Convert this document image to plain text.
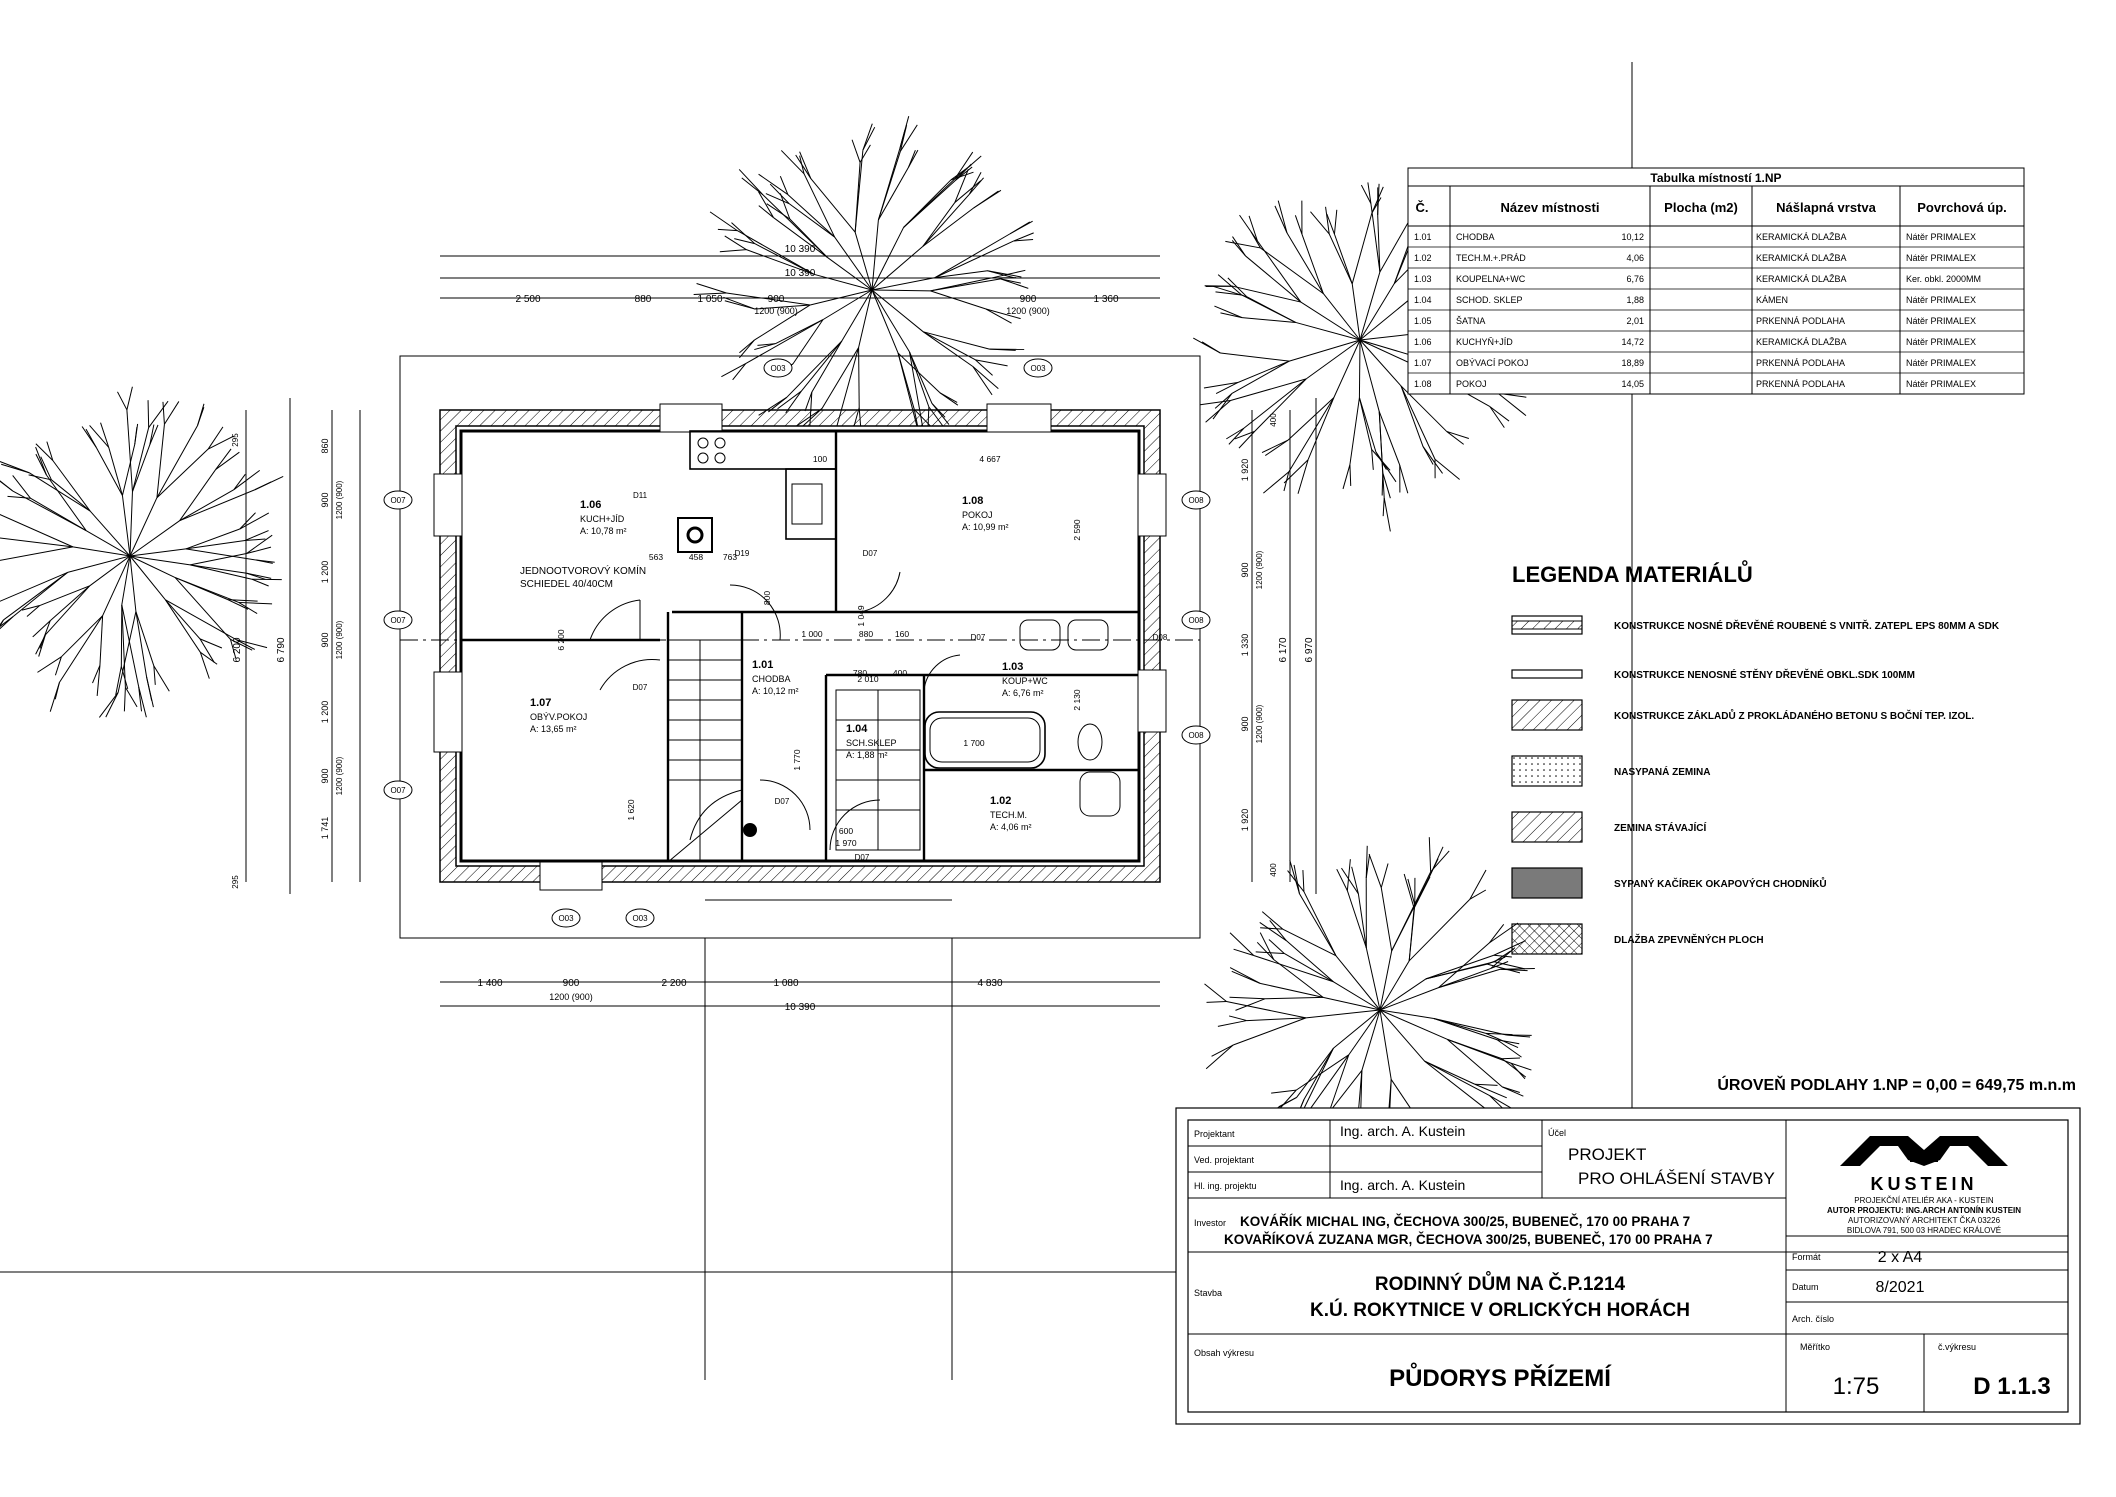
1.06
KUCH+JÍD
A: 10,78 m²
1.08
POKOJ
A: 10,99 m²
1.07
OBÝV.POKOJ
A: 13,65 m²
1.01
CHODBA
A: 10,12 m²
1.03
KOUP+WC
A: 6,76 m²
1.04
SCH.SKLEP
A: 1,88 m²
1.02
TECH.M.
A: 4,06 m²
JEDNOOTVOROVÝ KOMÍN
SCHIEDEL 40/40CM
10 390
10 390
2 500	880	1 050	900	900	1 360
1200 (900)	1200 (900)
1 400	900	2 200	1 080	4 830
1200 (900)
10 390
6 200	6 790
860
900
1 200
900
1 200
900
1 741
1200 (900)
1200 (900)
1200 (900)
295
295
1 920
900
1 330
900
1 920
1200 (900)
1200 (900)
6 170 6 970
400
400
4 667
2 590
2 130
1 700
1 770
1 620
6 200
2 010
1 000	880	160
100
458
563	763
780	400
600
1 970
800
1 049
O03	O03
O03
O07
O07
O07
O08
O08
O08
O03
D11
D19	D07
D07
D07
D07
D07	D08
Tabulka místností 1.NP
Č.	Název místnosti	Plocha (m2)	Nášlapná vrstva	Povrchová úp.
1.01	CHODBA	10,12	KERAMICKÁ DLAŽBA	Nátěr PRIMALEX
1.02	TECH.M.+.PRÁD	4,06	KERAMICKÁ DLAŽBA	Nátěr PRIMALEX
1.03	KOUPELNA+WC	6,76	KERAMICKÁ DLAŽBA	Ker. obkl. 2000MM
1.04	SCHOD. SKLEP	1,88	KÁMEN	Nátěr PRIMALEX
1.05	ŠATNA	2,01	PRKENNÁ PODLAHA	Nátěr PRIMALEX
1.06	KUCHYŇ+JÍD	14,72	KERAMICKÁ DLAŽBA	Nátěr PRIMALEX
1.07	OBÝVACÍ POKOJ	18,89	PRKENNÁ PODLAHA	Nátěr PRIMALEX
1.08	POKOJ	14,05	PRKENNÁ PODLAHA	Nátěr PRIMALEX
LEGENDA MATERIÁLŮ
KONSTRUKCE NOSNÉ DŘEVĚNÉ ROUBENÉ S VNITŘ. ZATEPL EPS 80MM A SDK
KONSTRUKCE NENOSNÉ STĚNY DŘEVĚNÉ OBKL.SDK 100MM
KONSTRUKCE ZÁKLADŮ Z PROKLÁDANÉHO BETONU S BOČNÍ TEP. IZOL.
NASYPANÁ ZEMINA
ZEMINA STÁVAJÍCÍ
SYPANÝ KAČÍREK OKAPOVÝCH CHODNÍKŮ
DLAŽBA ZPEVNĚNÝCH PLOCH
ÚROVEŇ PODLAHY 1.NP = 0,00 = 649,75 m.n.m
Projektant	Ing. arch. A. Kustein
Ved. projektant
Hl. ing. projektu	Ing. arch. A. Kustein
Účel
PROJEKT
PRO OHLÁŠENÍ STAVBY
Investor KOVÁŘÍK MICHAL ING, ČECHOVA 300/25, BUBENEČ, 170 00 PRAHA 7
KOVAŘÍKOVÁ ZUZANA MGR, ČECHOVA 300/25, BUBENEČ, 170 00 PRAHA 7
Stavba	RODINNÝ DŮM NA Č.P.1214
K.Ú. ROKYTNICE V ORLICKÝCH HORÁCH
Obsah výkresu
PŮDORYS PŘÍZEMÍ
Formát	2 x A4
Datum	8/2021
Arch. číslo
Měřítko
1:75
č.výkresu
D 1.1.3
KUSTEIN
PROJEKČNÍ ATELIÉR AKA - KUSTEIN
AUTOR PROJEKTU: ING.ARCH ANTONÍN KUSTEIN
AUTORIZOVANÝ ARCHITEKT ČKA 03226
BIDLOVA 791, 500 03 HRADEC KRÁLOVÉ
